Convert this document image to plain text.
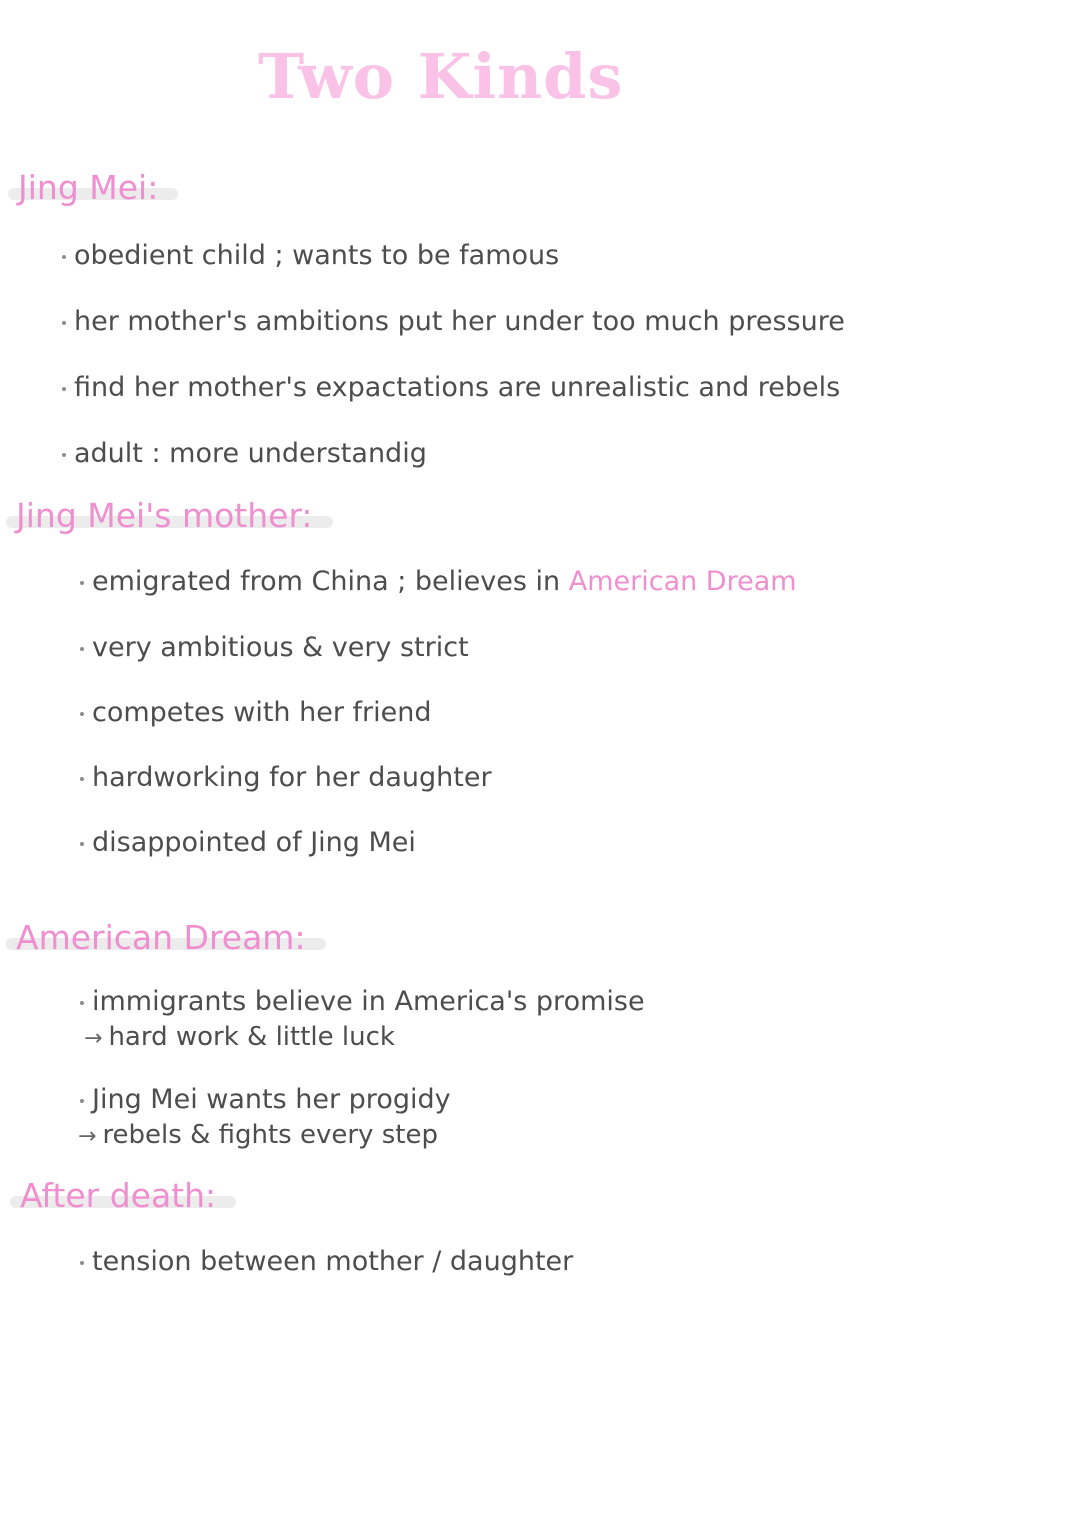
Two Kinds
Jing Mei:
obedient child ; wants to be famous
her mother's ambitions put her under too much pressure
find her mother's expactations are unrealistic and rebels
adult : more understandig
Jing Mei's mother:
emigrated from China ; believes in American Dream
very ambitious & very strict
competes with her friend
hardworking for her daughter
disappointed of Jing Mei
American Dream:
immigrants believe in America's promise
→ hard work & little luck
Jing Mei wants her progidy
→ rebels & fights every step
After death:
tension between mother / daughter
